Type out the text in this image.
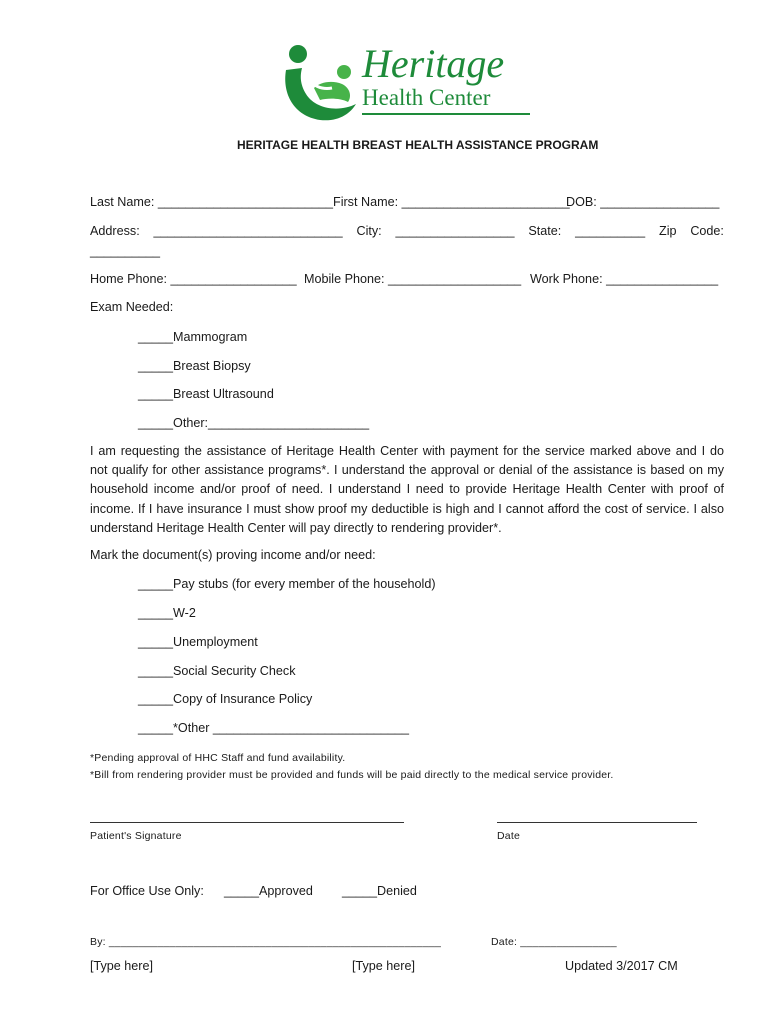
Heritage
Health Center
HERITAGE HEALTH BREAST HEALTH ASSISTANCE PROGRAM
Last Name: _________________________ First Name: ________________________
DOB: _________________
Address: ___________________________ City: _________________ State: __________ Zip Code:
__________
Home Phone: __________________ Mobile Phone: ___________________ Work Phone: ________________
Exam Needed:
_____Mammogram
_____Breast Biopsy
_____Breast Ultrasound
_____Other:_______________________
I am requesting the assistance of Heritage Health Center with payment for the service marked above and I do
not qualify for other assistance programs*. I understand the approval or denial of the assistance is based on my
household income and/or proof of need. I understand I need to provide Heritage Health Center with proof of
income. If I have insurance I must show proof my deductible is high and I cannot afford the cost of service. I also
understand Heritage Health Center will pay directly to rendering provider*.
Mark the document(s) proving income and/or need:
_____Pay stubs (for every member of the household)
_____W-2
_____Unemployment
_____Social Security Check
_____Copy of Insurance Policy
_____*Other ____________________________
*Pending approval of HHC Staff and fund availability.
*Bill from rendering provider must be provided and funds will be paid directly to the medical service provider.
Patient's Signature	Date
For Office Use Only: _____Approved _____Denied
By: _______________________________________________________	Date: ________________
[Type here]	[Type here]	Updated 3/2017 CM
